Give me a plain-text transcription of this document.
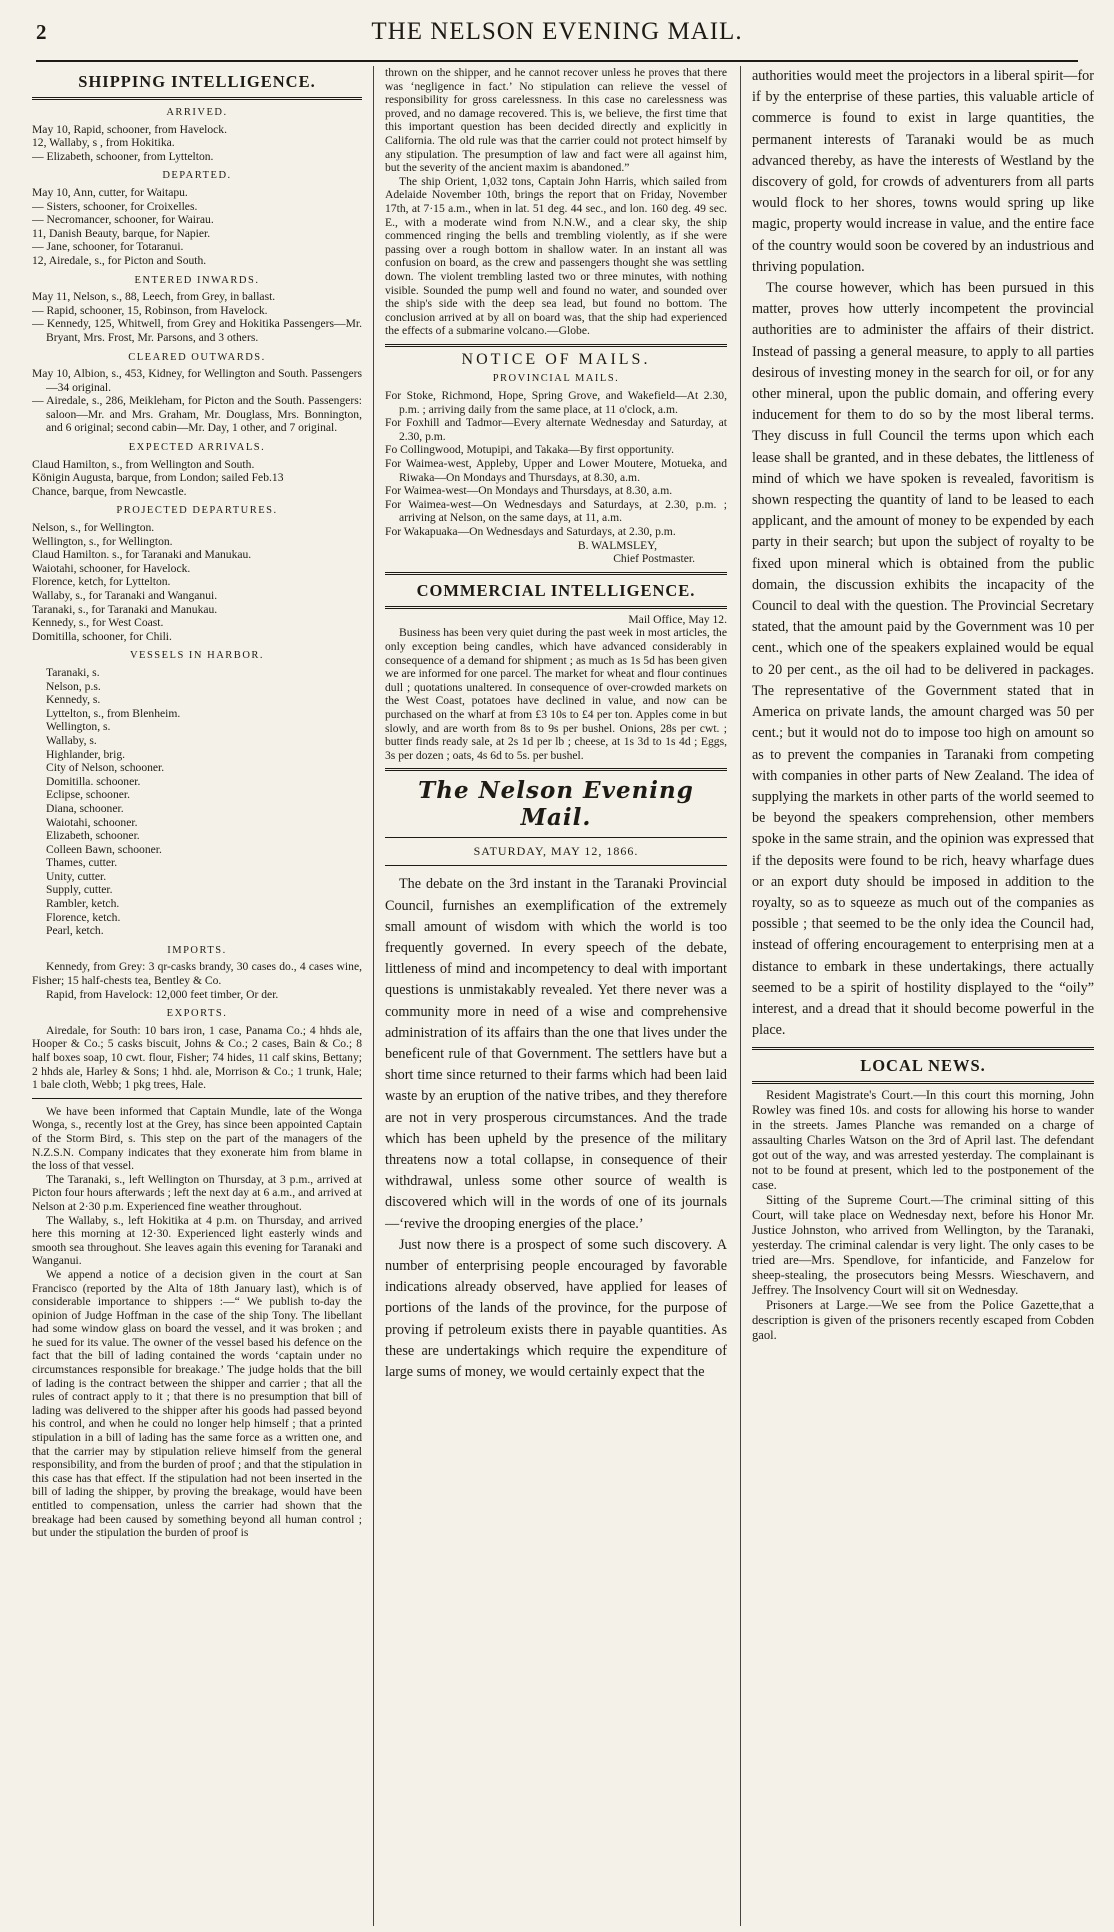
2	THE NELSON EVENING MAIL.
SHIPPING INTELLIGENCE.
ARRIVED.

May 10, Rapid, schooner, from Havelock.

12, Wallaby, s , from Hokitika.

— Elizabeth, schooner, from Lyttelton.

DEPARTED.

May 10, Ann, cutter, for Waitapu.

— Sisters, schooner, for Croixelles.

— Necromancer, schooner, for Wairau.

11, Danish Beauty, barque, for Napier.

— Jane, schooner, for Totaranui.

12, Airedale, s., for Picton and South.

ENTERED INWARDS.

May 11, Nelson, s., 88, Leech, from Grey, in ballast.

— Rapid, schooner, 15, Robinson, from Havelock.

— Kennedy, 125, Whitwell, from Grey and Hokitika Passengers—Mr. Bryant, Mrs. Frost, Mr. Parsons, and 3 others.

CLEARED OUTWARDS.

May 10, Albion, s., 453, Kidney, for Wellington and South. Passengers—34 original.

— Airedale, s., 286, Meikleham, for Picton and the South. Passengers: saloon—Mr. and Mrs. Graham, Mr. Douglass, Mrs. Bonnington, and 6 original; second cabin—Mr. Day, 1 other, and 7 original.

EXPECTED ARRIVALS.

Claud Hamilton, s., from Wellington and South.

Königin Augusta, barque, from London; sailed Feb.13

Chance, barque, from Newcastle.

PROJECTED DEPARTURES.

Nelson, s., for Wellington.

Wellington, s., for Wellington.

Claud Hamilton. s., for Taranaki and Manukau.

Waiotahi, schooner, for Havelock.

Florence, ketch, for Lyttelton.

Wallaby, s., for Taranaki and Wanganui.

Taranaki, s., for Taranaki and Manukau.

Kennedy, s., for West Coast.

Domitilla, schooner, for Chili.

VESSELS IN HARBOR.

Taranaki, s.

Nelson, p.s.

Kennedy, s.

Lyttelton, s., from Blenheim.

Wellington, s.

Wallaby, s.

Highlander, brig.

City of Nelson, schooner.

Domitilla. schooner.

Eclipse, schooner.

Diana, schooner.

Waiotahi, schooner.

Elizabeth, schooner.

Colleen Bawn, schooner.

Thames, cutter.

Unity, cutter.

Supply, cutter.

Rambler, ketch.

Florence, ketch.

Pearl, ketch.

IMPORTS.

Kennedy, from Grey: 3 qr-casks brandy, 30 cases do., 4 cases wine, Fisher; 15 half-chests tea, Bentley & Co.

Rapid, from Havelock: 12,000 feet timber, Or der.

EXPORTS.

Airedale, for South: 10 bars iron, 1 case, Panama Co.; 4 hhds ale, Hooper & Co.; 5 casks biscuit, Johns & Co.; 2 cases, Bain & Co.; 8 half boxes soap, 10 cwt. flour, Fisher; 74 hides, 11 calf skins, Bettany; 2 hhds ale, Harley & Sons; 1 hhd. ale, Morrison & Co.; 1 trunk, Hale; 1 bale cloth, Webb; 1 pkg trees, Hale.

We have been informed that Captain Mundle, late of the Wonga Wonga, s., recently lost at the Grey, has since been appointed Captain of the Storm Bird, s. This step on the part of the managers of the N.Z.S.N. Company indicates that they exonerate him from blame in the loss of that vessel.

The Taranaki, s., left Wellington on Thursday, at 3 p.m., arrived at Picton four hours afterwards ; left the next day at 6 a.m., and arrived at Nelson at 2·30 p.m. Experienced fine weather throughout.

The Wallaby, s., left Hokitika at 4 p.m. on Thursday, and arrived here this morning at 12·30. Experienced light easterly winds and smooth sea throughout. She leaves again this evening for Taranaki and Wanganui.

We append a notice of a decision given in the court at San Francisco (reported by the Alta of 18th January last), which is of considerable importance to shippers :—“ We publish to-day the opinion of Judge Hoffman in the case of the ship Tony. The libellant had some window glass on board the vessel, and it was broken ; and he sued for its value. The owner of the vessel based his defence on the fact that the bill of lading contained the words ‘captain under no circumstances responsible for breakage.’ The judge holds that the bill of lading is the contract between the shipper and carrier ; that all the rules of contract apply to it ; that there is no presumption that bill of lading was delivered to the shipper after his goods had passed beyond his control, and when he could no longer help himself ; that a printed stipulation in a bill of lading has the same force as a written one, and that the carrier may by stipulation relieve himself from the general responsibility, and from the burden of proof ; and that the stipulation in this case has that effect. If the stipulation had not been inserted in the bill of lading the shipper, by proving the breakage, would have been entitled to compensation, unless the carrier had shown that the breakage had been caused by something beyond all human control ; but under the stipulation the burden of proof is

thrown on the shipper, and he cannot recover unless he proves that there was ‘negligence in fact.’ No stipulation can relieve the vessel of responsibility for gross carelessness. In this case no carelessness was proved, and no damage recovered. This is, we believe, the first time that this important question has been decided directly and explicitly in California. The old rule was that the carrier could not protect himself by any stipulation. The presumption of law and fact were all against him, but the severity of the ancient maxim is abandoned.”

The ship Orient, 1,032 tons, Captain John Harris, which sailed from Adelaide November 10th, brings the report that on Friday, November 17th, at 7·15 a.m., when in lat. 51 deg. 44 sec., and lon. 160 deg. 49 sec. E., with a moderate wind from N.N.W., and a clear sky, the ship commenced ringing the bells and trembling violently, as if she were passing over a rough bottom in shallow water. In an instant all was confusion on board, as the crew and passengers thought she was settling down. The violent trembling lasted two or three minutes, with nothing visible. Sounded the pump well and found no water, and sounded over the ship's side with the deep sea lead, but found no bottom. The conclusion arrived at by all on board was, that the ship had experienced the effects of a submarine volcano.—Globe.

NOTICE OF MAILS.
PROVINCIAL MAILS.

For Stoke, Richmond, Hope, Spring Grove, and Wakefield—At 2.30, p.m. ; arriving daily from the same place, at 11 o'clock, a.m.

For Foxhill and Tadmor—Every alternate Wednesday and Saturday, at 2.30, p.m.

Fo Collingwood, Motupipi, and Takaka—By first opportunity.

For Waimea-west, Appleby, Upper and Lower Moutere, Motueka, and Riwaka—On Mondays and Thursdays, at 8.30, a.m.

For Waimea-west—On Mondays and Thursdays, at 8.30, a.m.

For Waimea-west—On Wednesdays and Saturdays, at 2.30, p.m. ; arriving at Nelson, on the same days, at 11, a.m.

For Wakapuaka—On Wednesdays and Saturdays, at 2.30, p.m.

B. WALMSLEY,

Chief Postmaster.

COMMERCIAL INTELLIGENCE.

Mail Office, May 12.

Business has been very quiet during the past week in most articles, the only exception being candles, which have advanced considerably in consequence of a demand for shipment ; as much as 1s 5d has been given we are informed for one parcel. The market for wheat and flour continues dull ; quotations unaltered. In consequence of over-crowded markets on the West Coast, potatoes have declined in value, and now can be purchased on the wharf at from £3 10s to £4 per ton. Apples come in but slowly, and are worth from 8s to 9s per bushel. Onions, 28s per cwt. ; butter finds ready sale, at 2s 1d per lb ; cheese, at 1s 3d to 1s 4d ; Eggs, 3s per dozen ; oats, 4s 6d to 5s. per bushel.

The Nelson Evening Mail.
SATURDAY, MAY 12, 1866.

The debate on the 3rd instant in the Taranaki Provincial Council, furnishes an exemplification of the extremely small amount of wisdom with which the world is too frequently governed. In every speech of the debate, littleness of mind and incompetency to deal with important questions is unmistakably revealed. Yet there never was a community more in need of a wise and comprehensive administration of its affairs than the one that lives under the beneficent rule of that Government. The settlers have but a short time since returned to their farms which had been laid waste by an eruption of the native tribes, and they therefore are not in very prosperous circumstances. And the trade which has been upheld by the presence of the military threatens now a total collapse, in consequence of their withdrawal, unless some other source of wealth is discovered which will in the words of one of its journals —‘revive the drooping energies of the place.’

Just now there is a prospect of some such discovery. A number of enterprising people encouraged by favorable indications already observed, have applied for leases of portions of the lands of the province, for the purpose of proving if petroleum exists there in payable quantities. As these are undertakings which require the expenditure of large sums of money, we would certainly expect that the

authorities would meet the projectors in a liberal spirit—for if by the enterprise of these parties, this valuable article of commerce is found to exist in large quantities, the permanent interests of Taranaki would be as much advanced thereby, as have the interests of Westland by the discovery of gold, for crowds of adventurers from all parts would flock to her shores, towns would spring up like magic, property would increase in value, and the entire face of the country would soon be covered by an industrious and thriving population.

The course however, which has been pursued in this matter, proves how utterly incompetent the provincial authorities are to administer the affairs of their district. Instead of passing a general measure, to apply to all parties desirous of investing money in the search for oil, or for any other mineral, upon the public domain, and offering every inducement for them to do so by the most liberal terms. They discuss in full Council the terms upon which each lease shall be granted, and in these debates, the littleness of mind of which we have spoken is revealed, favoritism is shown respecting the quantity of land to be leased to each applicant, and the amount of money to be expended by each party in their search; but upon the subject of royalty to be fixed upon mineral which is obtained from the public domain, the discussion exhibits the incapacity of the Council to deal with the question. The Provincial Secretary stated, that the amount paid by the Government was 10 per cent., which one of the speakers explained would be equal to 20 per cent., as the oil had to be delivered in packages. The representative of the Government stated that in America on private lands, the amount charged was 50 per cent.; but it would not do to impose too high on amount so as to prevent the companies in Taranaki from competing with companies in other parts of New Zealand. The idea of supplying the markets in other parts of the world seemed to be beyond the speakers comprehension, other members spoke in the same strain, and the opinion was expressed that if the deposits were found to be rich, heavy wharfage dues or an export duty should be imposed in addition to the royalty, so as to squeeze as much out of the companies as possible ; that seemed to be the only idea the Council had, instead of offering encouragement to enterprising men at a distance to embark in these undertakings, there actually seemed to be a spirit of hostility displayed to the “oily” interest, and a dread that it should become powerful in the place.

LOCAL NEWS.

Resident Magistrate's Court.—In this court this morning, John Rowley was fined 10s. and costs for allowing his horse to wander in the streets. James Planche was remanded on a charge of assaulting Charles Watson on the 3rd of April last. The defendant got out of the way, and was arrested yesterday. The complainant is not to be found at present, which led to the postponement of the case.

Sitting of the Supreme Court.—The criminal sitting of this Court, will take place on Wednesday next, before his Honor Mr. Justice Johnston, who arrived from Wellington, by the Taranaki, yesterday. The criminal calendar is very light. The only cases to be tried are—Mrs. Spendlove, for infanticide, and Fanzelow for sheep-stealing, the prosecutors being Messrs. Wieschavern, and Jeffrey. The Insolvency Court will sit on Wednesday.

Prisoners at Large.—We see from the Police Gazette,that a description is given of the prisoners recently escaped from Cobden gaol.
